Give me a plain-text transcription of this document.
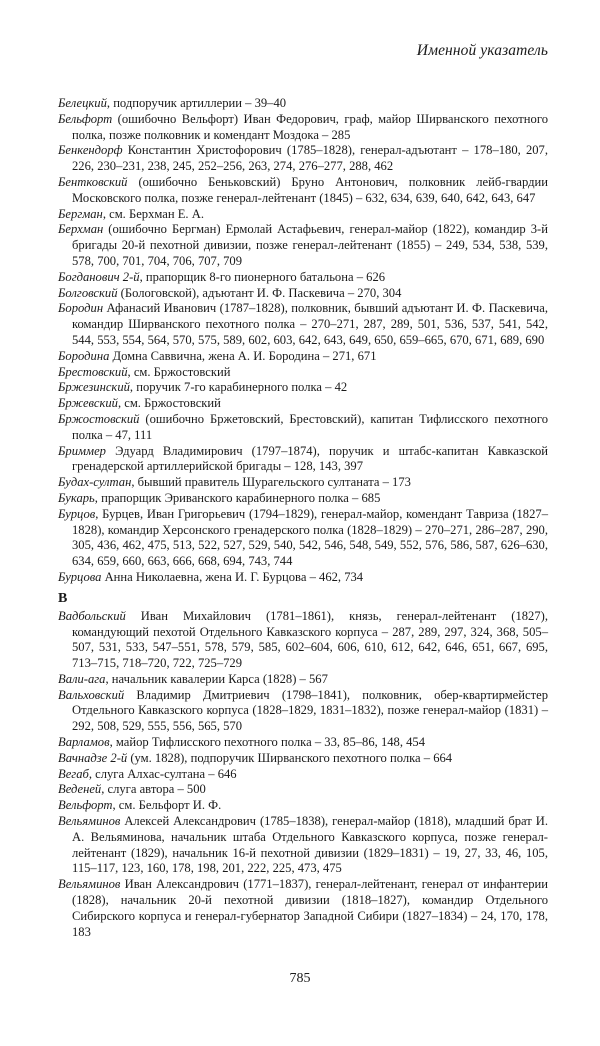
Именной указатель

Белецкий, подпоручик артиллерии – 39–40

Бельфорт (ошибочно Вельфорт) Иван Федорович, граф, майор Ширванского пехотного полка, позже полковник и комендант Моздока – 285

Бенкендорф Константин Христофорович (1785–1828), генерал-адъютант – 178–180, 207, 226, 230–231, 238, 245, 252–256, 263, 274, 276–277, 288, 462

Бентковский (ошибочно Беньковский) Бруно Антонович, полковник лейб-гвардии Московского полка, позже генерал-лейтенант (1845) – 632, 634, 639, 640, 642, 643, 647

Бергман, см. Берхман Е. А.

Берхман (ошибочно Бергман) Ермолай Астафьевич, генерал-майор (1822), командир 3-й бригады 20-й пехотной дивизии, позже генерал-лейтенант (1855) – 249, 534, 538, 539, 578, 700, 701, 704, 706, 707, 709

Богданович 2-й, прапорщик 8-го пионерного батальона – 626

Болговский (Бологовской), адъютант И. Ф. Паскевича – 270, 304

Бородин Афанасий Иванович (1787–1828), полковник, бывший адъютант И. Ф. Паскевича, командир Ширванского пехотного полка – 270–271, 287, 289, 501, 536, 537, 541, 542, 544, 553, 554, 564, 570, 575, 589, 602, 603, 642, 643, 649, 650, 659–665, 670, 671, 689, 690

Бородина Домна Саввична, жена А. И. Бородина – 271, 671

Брестовский, см. Бржостовский

Бржезинский, поручик 7-го карабинерного полка – 42

Бржевский, см. Бржостовский

Бржостовский (ошибочно Бржетовский, Брестовский), капитан Тифлисского пехотного полка – 47, 111

Бриммер Эдуард Владимирович (1797–1874), поручик и штабс-капитан Кавказской гренадерской артиллерийской бригады – 128, 143, 397

Будах-султан, бывший правитель Шурагельского султаната – 173

Букарь, прапорщик Эриванского карабинерного полка – 685

Бурцов, Бурцев, Иван Григорьевич (1794–1829), генерал-майор, комендант Тавриза (1827–1828), командир Херсонского гренадерского полка (1828–1829) – 270–271, 286–287, 290, 305, 436, 462, 475, 513, 522, 527, 529, 540, 542, 546, 548, 549, 552, 576, 586, 587, 626–630, 634, 659, 660, 663, 666, 668, 694, 743, 744

Бурцова Анна Николаевна, жена И. Г. Бурцова – 462, 734

В

Вадбольский Иван Михайлович (1781–1861), князь, генерал-лейтенант (1827), командующий пехотой Отдельного Кавказского корпуса – 287, 289, 297, 324, 368, 505–507, 531, 533, 547–551, 578, 579, 585, 602–604, 606, 610, 612, 642, 646, 651, 667, 695, 713–715, 718–720, 722, 725–729

Вали-ага, начальник кавалерии Карса (1828) – 567

Вальховский Владимир Дмитриевич (1798–1841), полковник, обер-квартирмейстер Отдельного Кавказского корпуса (1828–1829, 1831–1832), позже генерал-майор (1831) – 292, 508, 529, 555, 556, 565, 570

Варламов, майор Тифлисского пехотного полка – 33, 85–86, 148, 454

Вачнадзе 2-й (ум. 1828), подпоручик Ширванского пехотного полка – 664

Вегаб, слуга Алхас-султана – 646

Веденей, слуга автора – 500

Вельфорт, см. Бельфорт И. Ф.

Вельяминов Алексей Александрович (1785–1838), генерал-майор (1818), младший брат И. А. Вельяминова, начальник штаба Отдельного Кавказского корпуса, позже генерал-лейтенант (1829), начальник 16-й пехотной дивизии (1829–1831) – 19, 27, 33, 46, 105, 115–117, 123, 160, 178, 198, 201, 222, 225, 473, 475

Вельяминов Иван Александрович (1771–1837), генерал-лейтенант, генерал от инфантерии (1828), начальник 20-й пехотной дивизии (1818–1827), командир Отдельного Сибирского корпуса и генерал-губернатор Западной Сибири (1827–1834) – 24, 170, 178, 183

785
